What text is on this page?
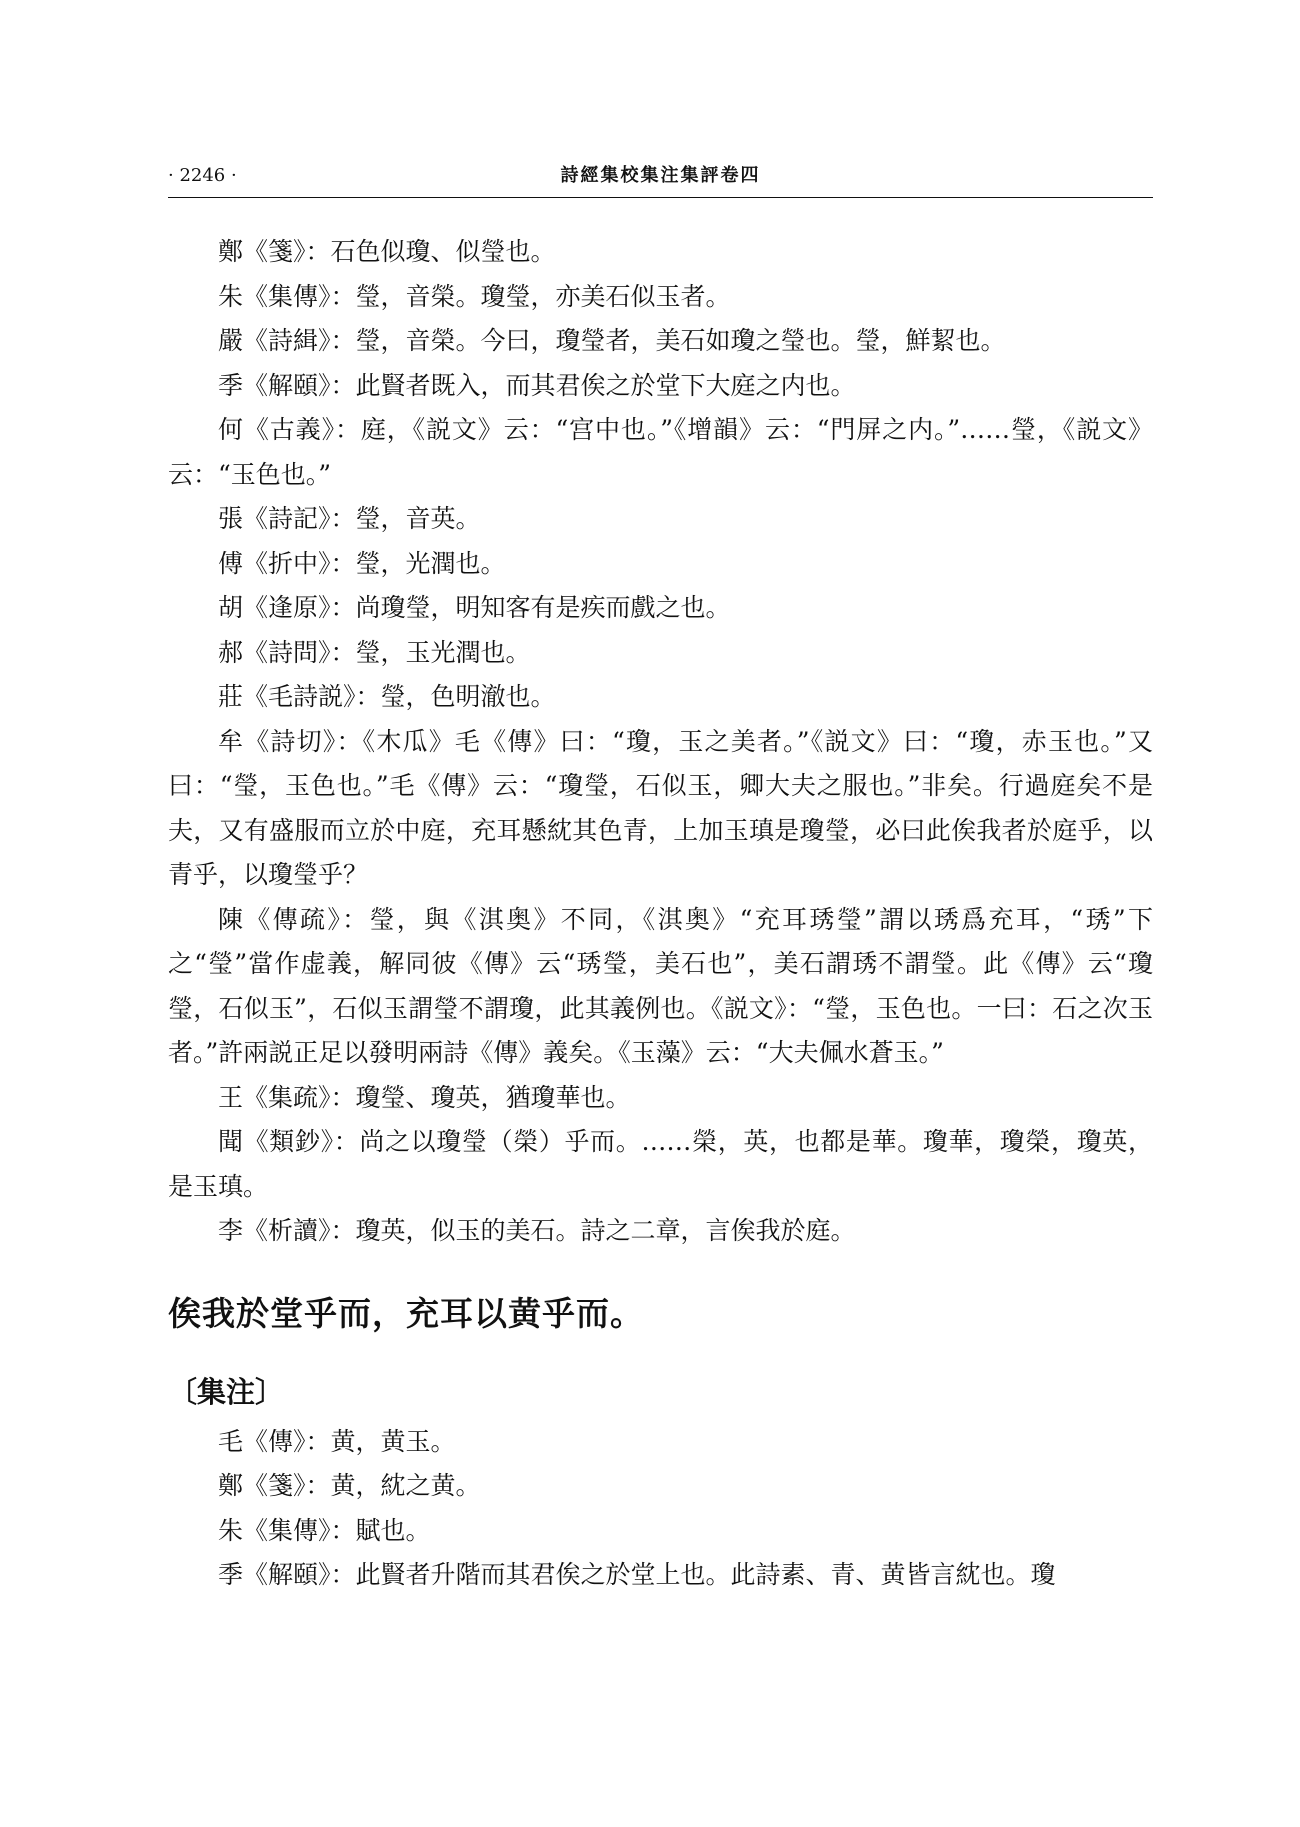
· 2246 ·	詩經集校集注集評卷四

鄭《箋》：石色似瓊、似瑩也。

朱《集傳》：瑩，音榮。瓊瑩，亦美石似玉者。

嚴《詩緝》：瑩，音榮。今曰，瓊瑩者，美石如瓊之瑩也。瑩，鮮絜也。

季《解頤》：此賢者既入，而其君俟之於堂下大庭之内也。

何《古義》：庭，《説文》云：“宫中也。”《增韻》云：“門屏之内。”……瑩，《説文》云：“玉色也。”

張《詩記》：瑩，音英。

傅《折中》：瑩，光潤也。

胡《逢原》：尚瓊瑩，明知客有是疾而戲之也。

郝《詩問》：瑩，玉光潤也。

莊《毛詩説》：瑩，色明澈也。

牟《詩切》：《木瓜》毛《傳》曰：“瓊，玉之美者。”《説文》曰：“瓊，赤玉也。”又曰：“瑩，玉色也。”毛《傳》云：“瓊瑩，石似玉，卿大夫之服也。”非矣。行過庭矣不是夫，又有盛服而立於中庭，充耳懸紞其色青，上加玉瑱是瓊瑩，必曰此俟我者於庭乎，以青乎，以瓊瑩乎？

陳《傳疏》：瑩，與《淇奥》不同，《淇奥》“充耳琇瑩”謂以琇爲充耳，“琇”下之“瑩”當作虚義，解同彼《傳》云“琇瑩，美石也”，美石謂琇不謂瑩。此《傳》云“瓊瑩，石似玉”，石似玉謂瑩不謂瓊，此其義例也。《説文》：“瑩，玉色也。一曰：石之次玉者。”許兩説正足以發明兩詩《傳》義矣。《玉藻》云：“大夫佩水蒼玉。”

王《集疏》：瓊瑩、瓊英，猶瓊華也。

聞《類鈔》：尚之以瓊瑩（榮）乎而。……榮，英，也都是華。瓊華，瓊榮，瓊英，是玉瑱。

李《析讀》：瓊英，似玉的美石。詩之二章，言俟我於庭。

俟我於堂乎而，充耳以黄乎而。

〔集注〕

毛《傳》：黄，黄玉。

鄭《箋》：黄，紞之黄。

朱《集傳》：賦也。

季《解頤》：此賢者升階而其君俟之於堂上也。此詩素、青、黄皆言紞也。瓊
